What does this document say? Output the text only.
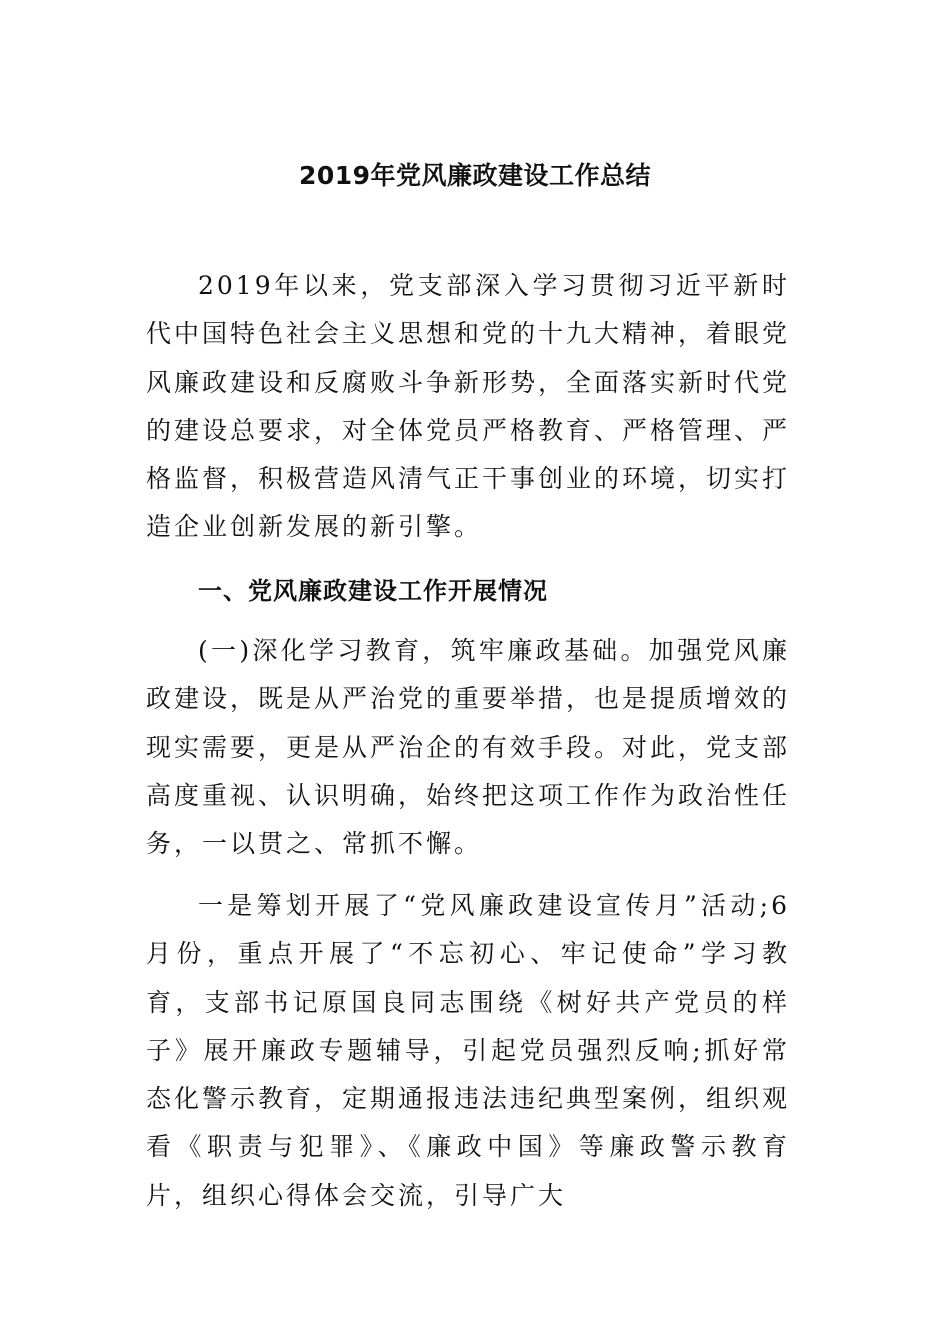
2019年党风廉政建设工作总结

2019年以来，党支部深入学习贯彻习近平新时代中国特色社会主义思想和党的十九大精神，着眼党风廉政建设和反腐败斗争新形势，全面落实新时代党的建设总要求，对全体党员严格教育、严格管理、严格监督，积极营造风清气正干事创业的环境，切实打造企业创新发展的新引擎。

一、党风廉政建设工作开展情况

(一)深化学习教育，筑牢廉政基础。加强党风廉政建设，既是从严治党的重要举措，也是提质增效的现实需要，更是从严治企的有效手段。对此，党支部高度重视、认识明确，始终把这项工作作为政治性任务，一以贯之、常抓不懈。

一是筹划开展了“党风廉政建设宣传月”活动;6月份，重点开展了“不忘初心、牢记使命”学习教育，支部书记原国良同志围绕《树好共产党员的样子》展开廉政专题辅导，引起党员强烈反响;抓好常态化警示教育，定期通报违法违纪典型案例，组织观看《职责与犯罪》、《廉政中国》等廉政警示教育片，组织心得体会交流，引导广大
